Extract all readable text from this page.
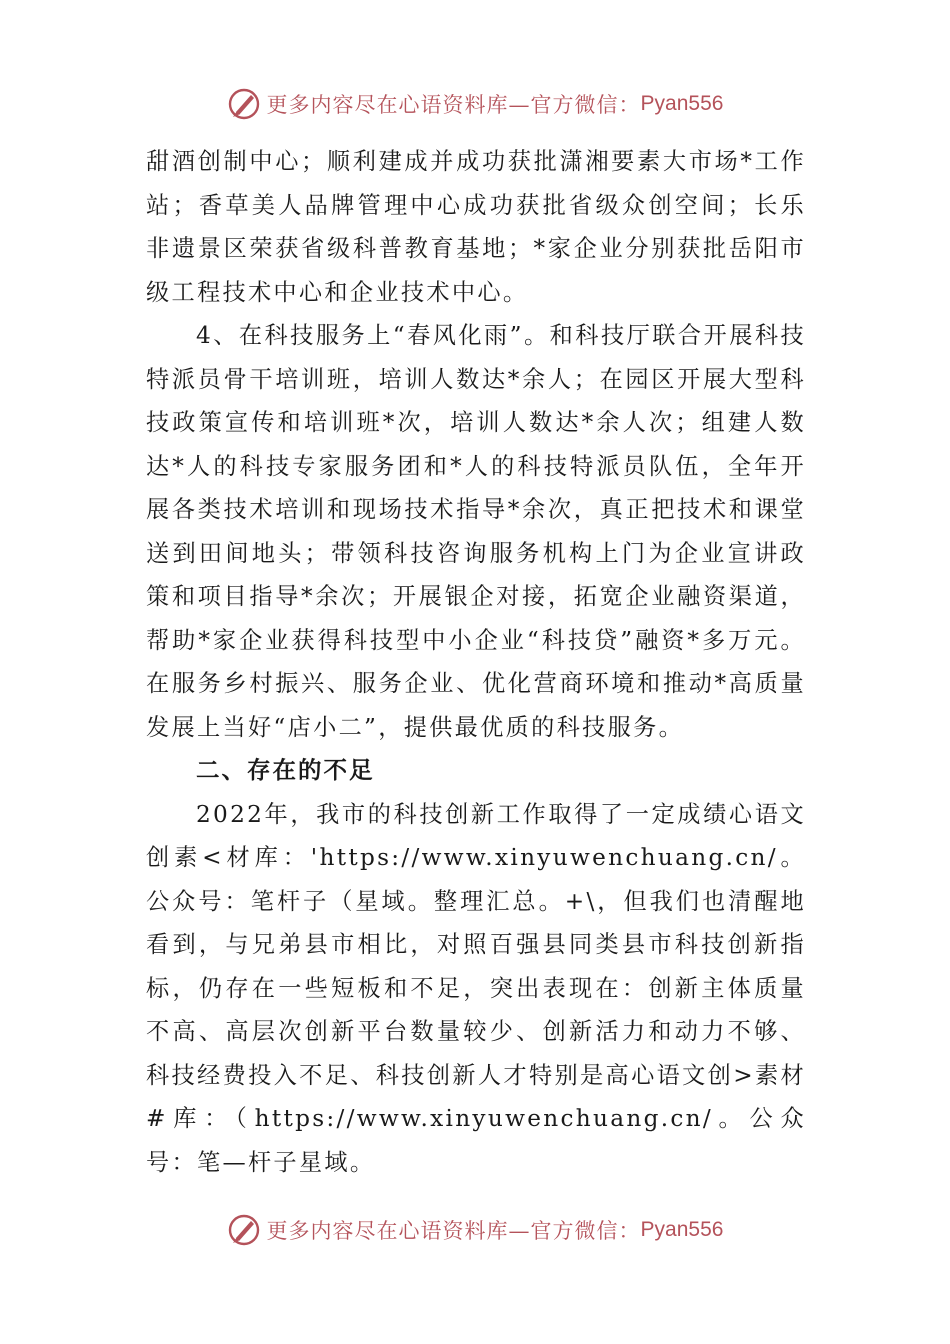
更多内容尽在心语资料库—官方微信： Pyan556

甜酒创制中心；顺利建成并成功获批潇湘要素大市场*工作站；香草美人品牌管理中心成功获批省级众创空间；长乐非遗景区荣获省级科普教育基地；*家企业分别获批岳阳市级工程技术中心和企业技术中心。

4、在科技服务上“春风化雨”。和科技厅联合开展科技特派员骨干培训班，培训人数达*余人；在园区开展大型科技政策宣传和培训班*次，培训人数达*余人次；组建人数达*人的科技专家服务团和*人的科技特派员队伍，全年开展各类技术培训和现场技术指导*余次，真正把技术和课堂送到田间地头；带领科技咨询服务机构上门为企业宣讲政策和项目指导*余次；开展银企对接，拓宽企业融资渠道，帮助*家企业获得科技型中小企业“科技贷”融资*多万元。在服务乡村振兴、服务企业、优化营商环境和推动*高质量发展上当好“店小二”，提供最优质的科技服务。

二、存在的不足

2022年，我市的科技创新工作取得了一定成绩心语文创素<材库：'https://www.xinyuwenchuang.cn/。公众号：笔杆子（星域。整理汇总。+\，但我们也清醒地看到，与兄弟县市相比，对照百强县同类县市科技创新指标，仍存在一些短板和不足，突出表现在：创新主体质量不高、高层次创新平台数量较少、创新活力和动力不够、科技经费投入不足、科技创新人才特别是高心语文创>素材#库：（https://www.xinyuwenchuang.cn/。公众号：笔—杆子星域。

更多内容尽在心语资料库—官方微信： Pyan556
